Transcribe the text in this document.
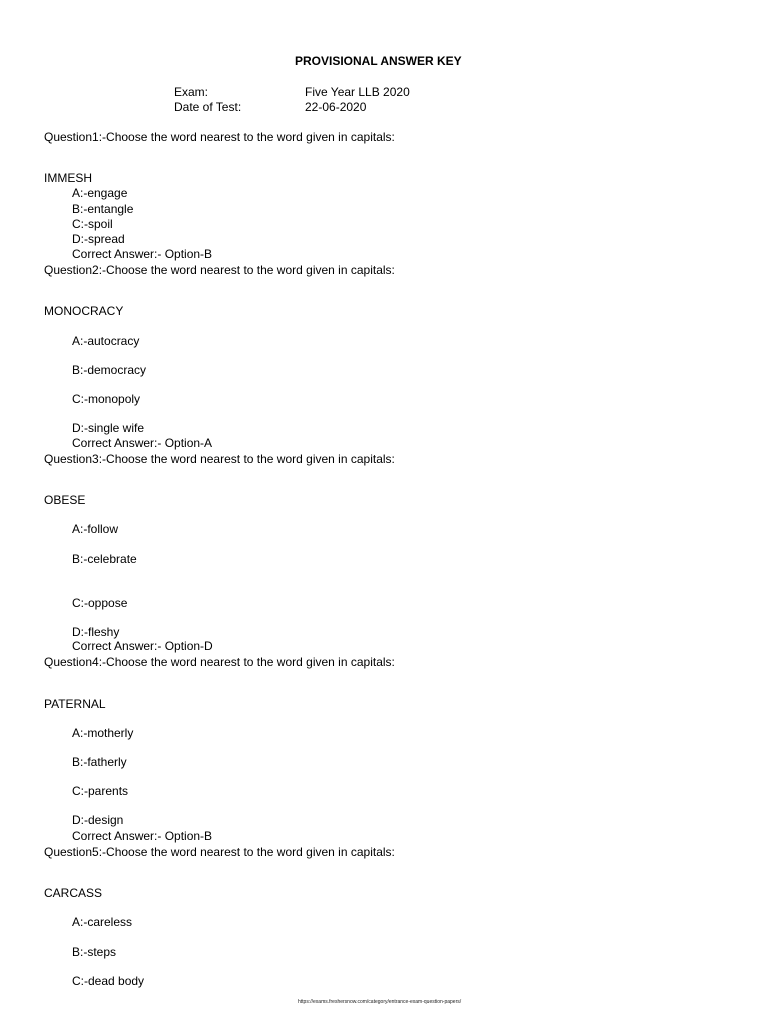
PROVISIONAL ANSWER KEY
Exam:	Five Year LLB 2020
Date of Test:	22-06-2020
Question1:-Choose the word nearest to the word given in capitals:
IMMESH
A:-engage
B:-entangle
C:-spoil
D:-spread
Correct Answer:- Option-B
Question2:-Choose the word nearest to the word given in capitals:
MONOCRACY
A:-autocracy
B:-democracy
C:-monopoly
D:-single wife
Correct Answer:- Option-A
Question3:-Choose the word nearest to the word given in capitals:
OBESE
A:-follow
B:-celebrate
C:-oppose
D:-fleshy
Correct Answer:- Option-D
Question4:-Choose the word nearest to the word given in capitals:
PATERNAL
A:-motherly
B:-fatherly
C:-parents
D:-design
Correct Answer:- Option-B
Question5:-Choose the word nearest to the word given in capitals:
CARCASS
A:-careless
B:-steps
C:-dead body
https://exams.freshersnow.com/category/entrance-exam-question-papers/
